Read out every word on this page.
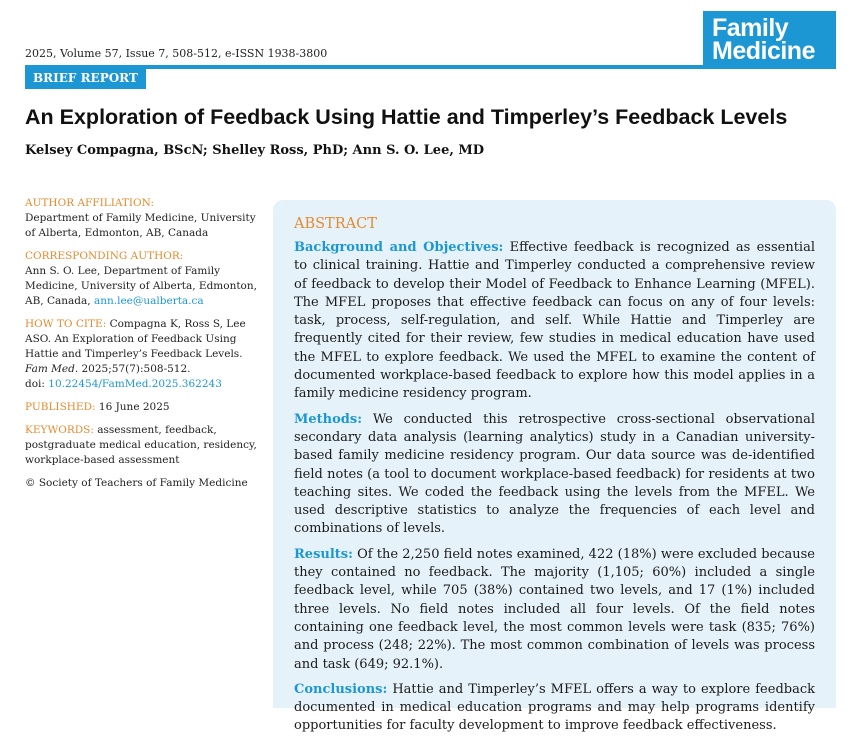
2025, Volume 57, Issue 7, 508-512, e-ISSN 1938-3800
Family
Medicine
BRIEF REPORT
An Exploration of Feedback Using Hattie and Timperley’s Feedback Levels
Kelsey Compagna, BScN; Shelley Ross, PhD; Ann S. O. Lee, MD
AUTHOR AFFILIATION:
Department of Family Medicine, University of Alberta, Edmonton, AB, Canada
CORRESPONDING AUTHOR:
Ann S. O. Lee, Department of Family Medicine, University of Alberta, Edmonton, AB, Canada, ann.lee@ualberta.ca
HOW TO CITE: Compagna K, Ross S, Lee ASO. An Exploration of Feedback Using Hattie and Timperley’s Feedback Levels. Fam Med. 2025;57(7):508-512.
doi: 10.22454/FamMed.2025.362243
PUBLISHED: 16 June 2025
KEYWORDS: assessment, feedback, postgraduate medical education, residency, workplace-based assessment
© Society of Teachers of Family Medicine
ABSTRACT

Background and Objectives: Effective feedback is recognized as essential to clinical training. Hattie and Timperley conducted a comprehensive review of feedback to develop their Model of Feedback to Enhance Learning (MFEL). The MFEL proposes that effective feedback can focus on any of four levels: task, process, self-regulation, and self. While Hattie and Timperley are frequently cited for their review, few studies in medical education have used the MFEL to explore feedback. We used the MFEL to examine the content of documented workplace-based feedback to explore how this model applies in a family medicine residency program.

Methods: We conducted this retrospective cross-sectional observational secondary data analysis (learning analytics) study in a Canadian university-based family medicine residency program. Our data source was de-identified field notes (a tool to document workplace-based feedback) for residents at two teaching sites. We coded the feedback using the levels from the MFEL. We used descriptive statistics to analyze the frequencies of each level and combinations of levels.

Results: Of the 2,250 field notes examined, 422 (18%) were excluded because they contained no feedback. The majority (1,105; 60%) included a single feedback level, while 705 (38%) contained two levels, and 17 (1%) included three levels. No field notes included all four levels. Of the field notes containing one feedback level, the most common levels were task (835; 76%) and process (248; 22%). The most common combination of levels was process and task (649; 92.1%).

Conclusions: Hattie and Timperley’s MFEL offers a way to explore feedback documented in medical education programs and may help programs identify opportunities for faculty development to improve feedback effectiveness.
